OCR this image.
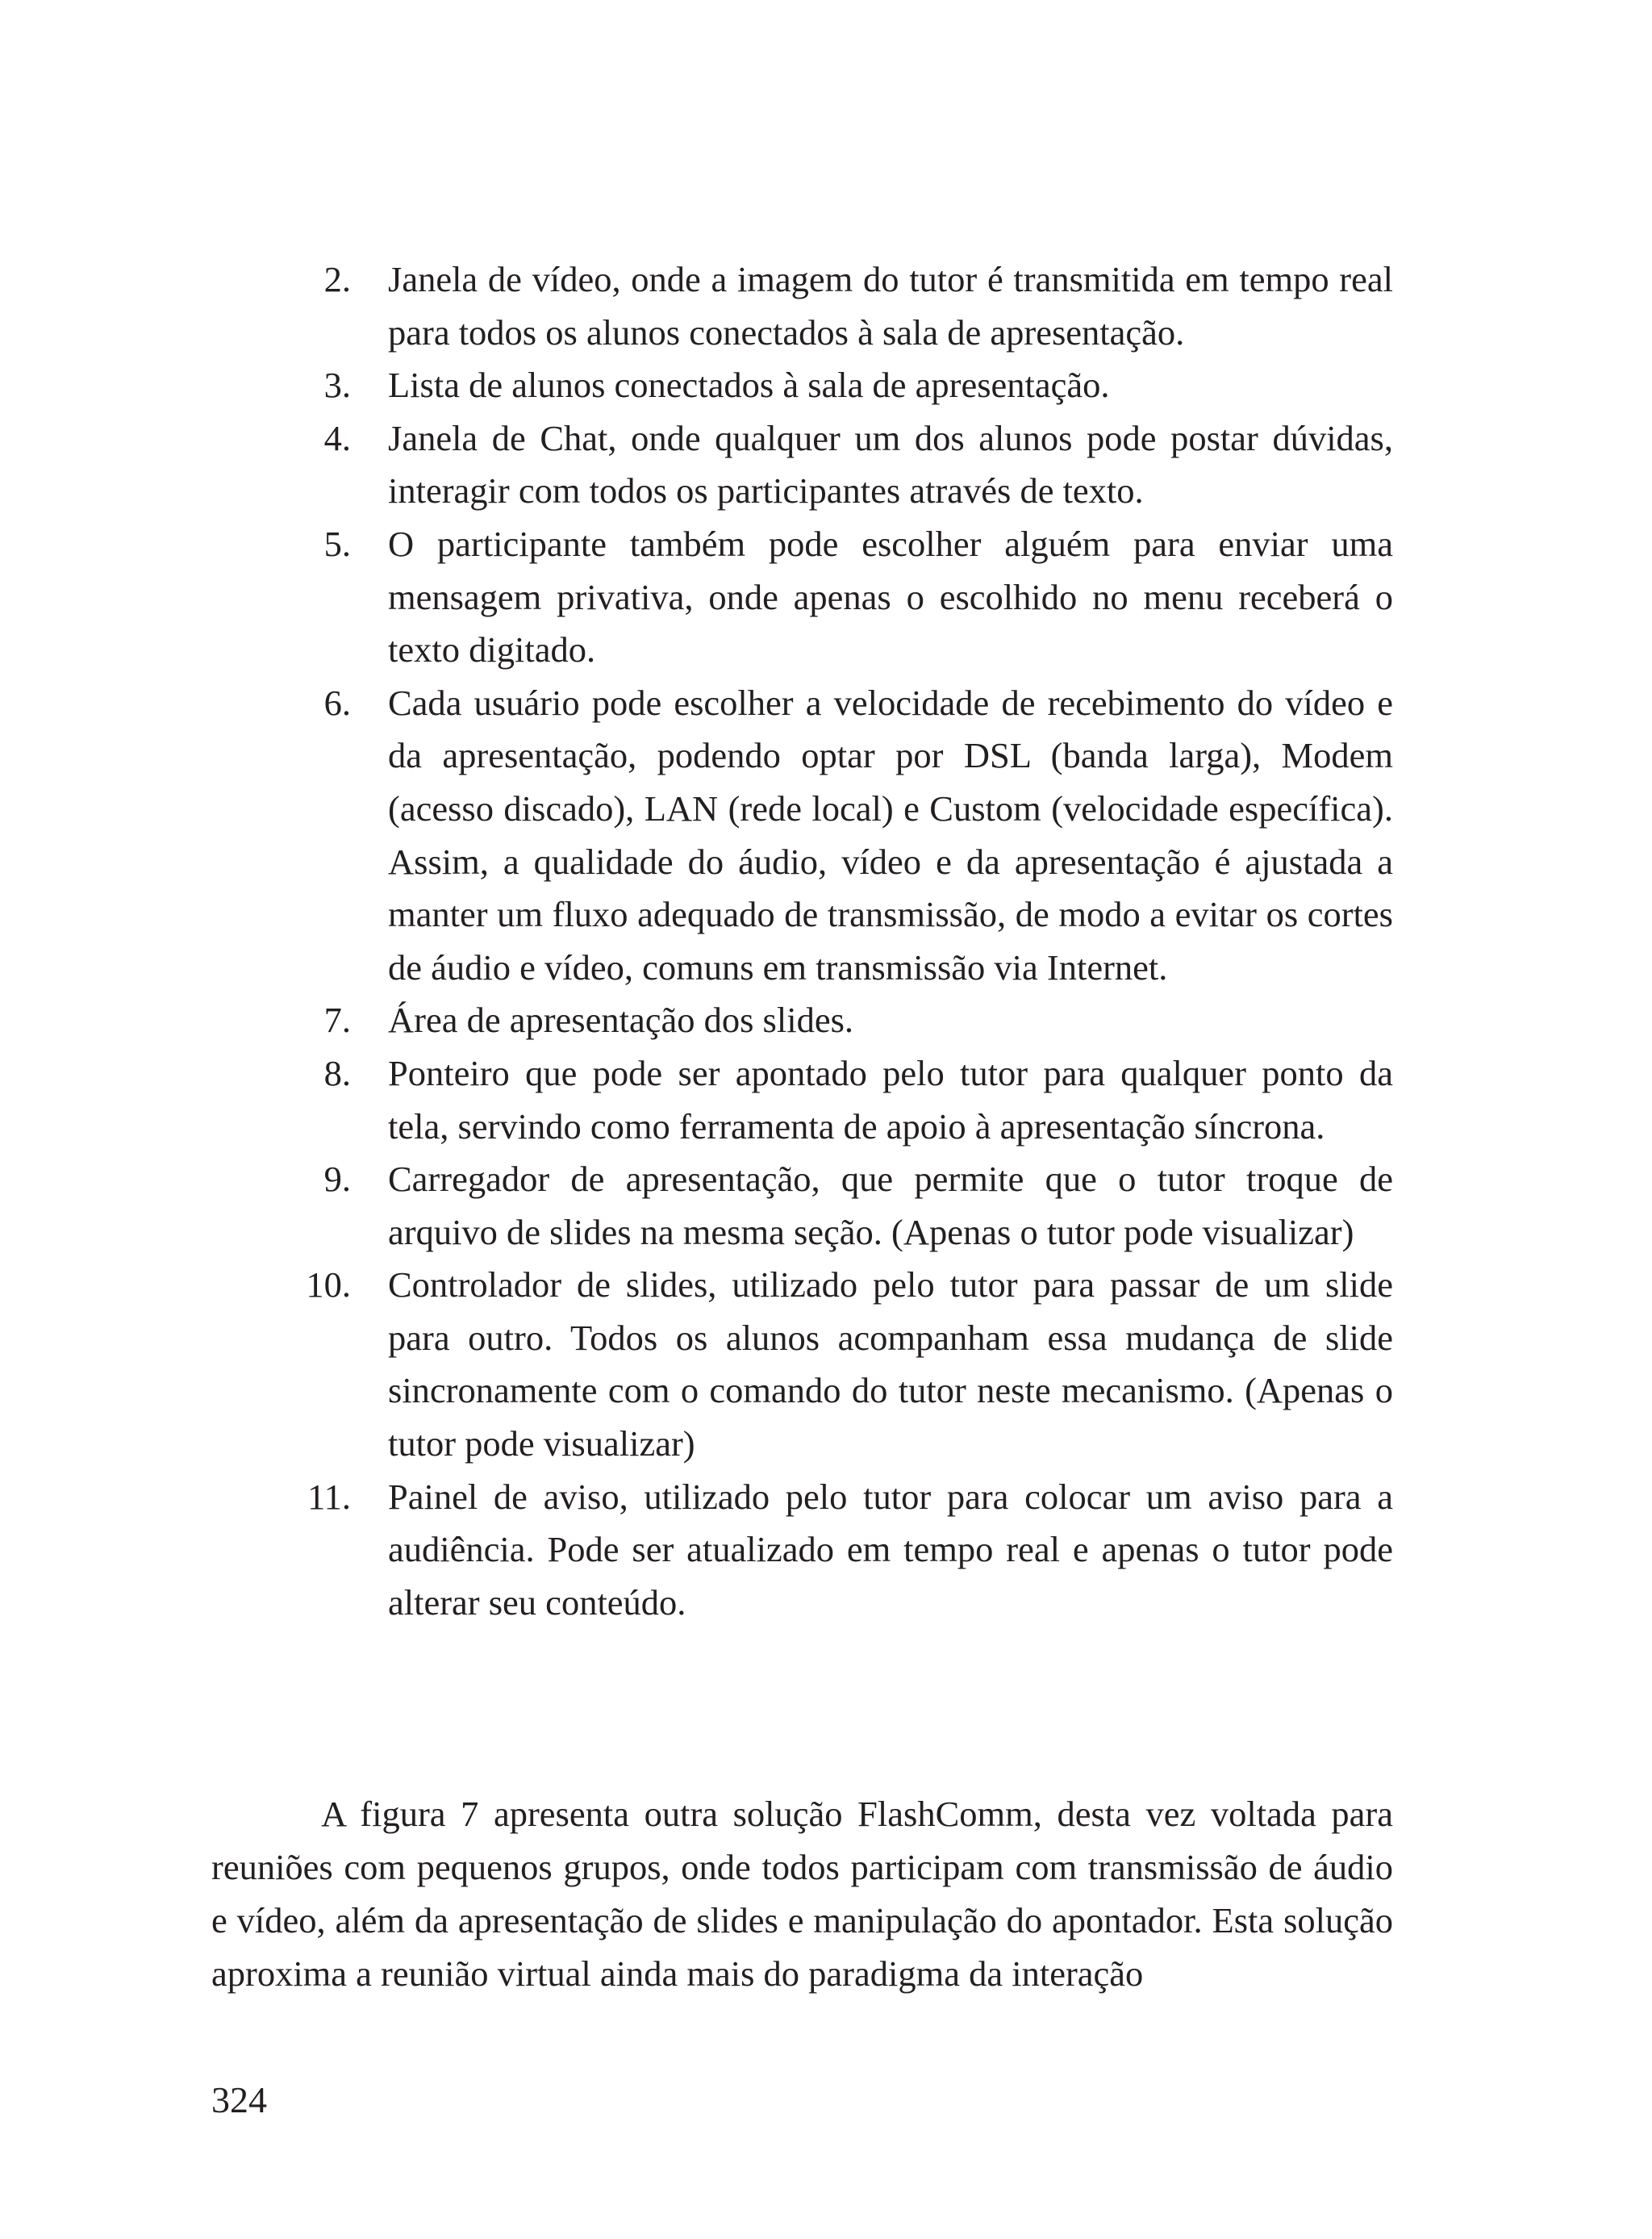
2. Janela de vídeo, onde a imagem do tutor é transmitida em tempo real para todos os alunos conectados à sala de apresentação.
3. Lista de alunos conectados à sala de apresentação.
4. Janela de Chat, onde qualquer um dos alunos pode postar dúvidas, interagir com todos os participantes através de texto.
5. O participante também pode escolher alguém para enviar uma mensagem privativa, onde apenas o escolhido no menu receberá o texto digitado.
6. Cada usuário pode escolher a velocidade de recebimento do vídeo e da apresentação, podendo optar por DSL (banda larga), Modem (acesso discado), LAN (rede local) e Custom (velocidade específica). Assim, a qualidade do áudio, vídeo e da apresentação é ajustada a manter um fluxo adequado de transmissão, de modo a evitar os cortes de áudio e vídeo, comuns em transmissão via Internet.
7. Área de apresentação dos slides.
8. Ponteiro que pode ser apontado pelo tutor para qualquer ponto da tela, servindo como ferramenta de apoio à apresentação síncrona.
9. Carregador de apresentação, que permite que o tutor troque de arquivo de slides na mesma seção. (Apenas o tutor pode visualizar)
10. Controlador de slides, utilizado pelo tutor para passar de um slide para outro. Todos os alunos acompanham essa mudança de slide sincronamente com o comando do tutor neste mecanismo. (Apenas o tutor pode visualizar)
11. Painel de aviso, utilizado pelo tutor para colocar um aviso para a audiência. Pode ser atualizado em tempo real e apenas o tutor pode alterar seu conteúdo.

A figura 7 apresenta outra solução FlashComm, desta vez voltada para reuniões com pequenos grupos, onde todos participam com transmissão de áudio e vídeo, além da apresentação de slides e manipulação do apontador. Esta solução aproxima a reunião virtual ainda mais do paradigma da interação

324
